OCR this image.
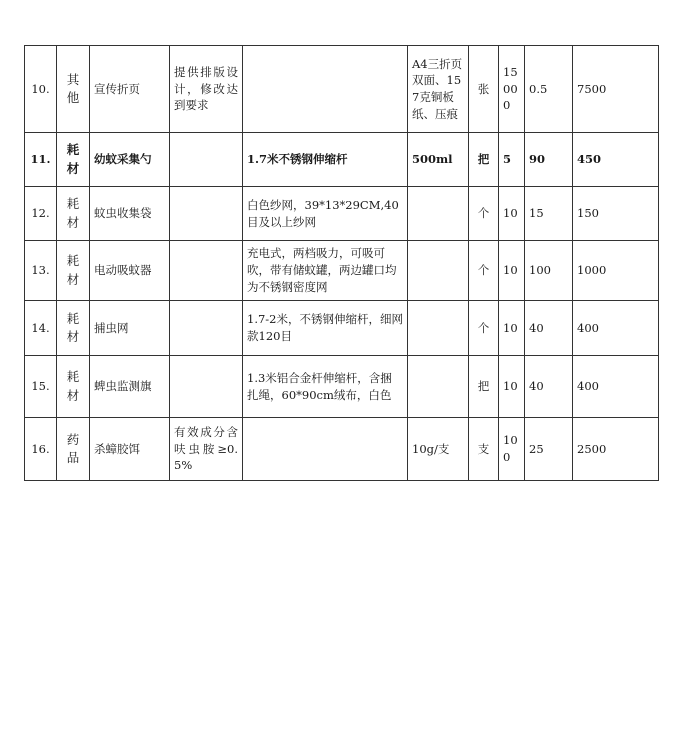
10.	其他	宣传折页	提供排版设计，修改达到要求		A4三折页双面、157克铜板纸、压痕	张	15000	0.5	7500
11.	耗材	幼蚊采集勺		1.7米不锈钢伸缩杆	500ml	把	5	90	450
12.	耗材	蚊虫收集袋		白色纱网，39*13*29CM,40目及以上纱网		个	10	15	150
13.	耗材	电动吸蚊器		充电式，两档吸力，可吸可吹，带有储蚊罐，两边罐口均为不锈钢密度网		个	10	100	1000
14.	耗材	捕虫网		1.7-2米，不锈钢伸缩杆，细网款120目		个	10	40	400
15.	耗材	蜱虫监测旗		1.3米铝合金杆伸缩杆，含捆扎绳，60*90cm绒布，白色		把	10	40	400
16.	药品	杀蟑胶饵	有效成分含呋虫胺≥0.5%		10g/支	支	100	25	2500
